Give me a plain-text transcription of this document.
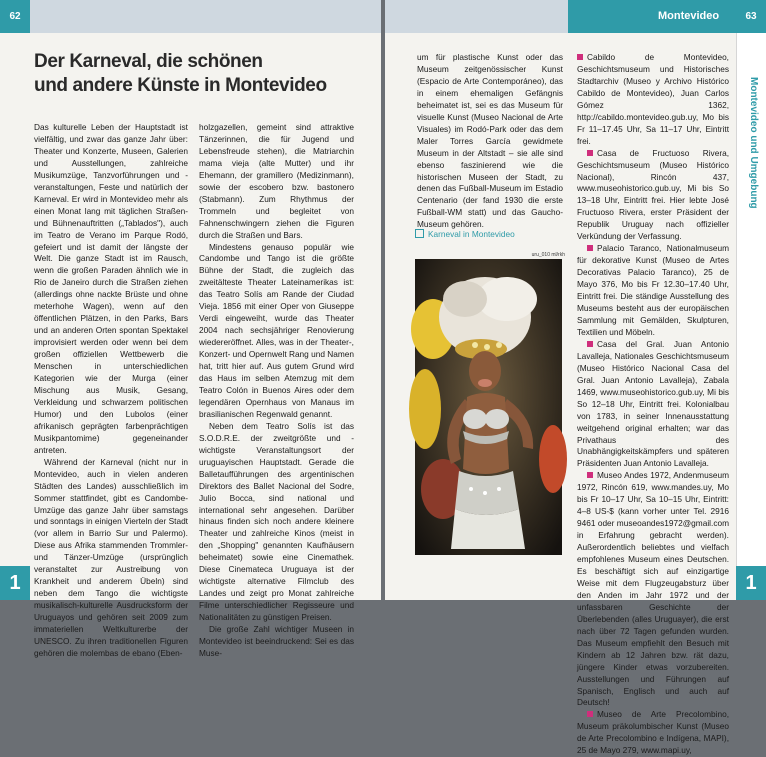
62
Der Karneval, die schönen
und andere Künste in Montevideo

Das kulturelle Leben der Hauptstadt ist vielfältig, und zwar das ganze Jahr über: Theater und Konzerte, Museen, Galerien und Ausstellungen, zahlreiche Musikumzüge, Tanzvorführungen und -veranstaltungen, Feste und natürlich der Karneval. Er wird in Montevideo mehr als einen Monat lang mit täglichen Straßen- und Bühnenauftritten („Tablados"), auch im Teatro de Verano im Parque Rodó, gefeiert und ist damit der längste der Welt. Die ganze Stadt ist im Rausch, wenn die großen Paraden ähnlich wie in Rio de Janeiro durch die Straßen ziehen (allerdings ohne nackte Brüste und ohne meterhohe Wagen), wenn auf den öffentlichen Plätzen, in den Parks, Bars und an anderen Orten spontan Spektakel improvisiert werden oder wenn bei dem großen offiziellen Wettbewerb die Menschen in unterschiedlichen Kategorien wie der Murga (einer Mischung aus Musik, Gesang, Verkleidung und schwarzem politischen Humor) und den Lubolos (einer afrikanisch geprägten farbenprächtigen Musikpantomime) gegeneinander antreten.

Während der Karneval (nicht nur in Montevideo, auch in vielen anderen Städten des Landes) ausschließlich im Sommer stattfindet, gibt es Candombe-Umzüge das ganze Jahr über samstags und sonntags in einigen Vierteln der Stadt (vor allem in Barrio Sur und Palermo). Diese aus Afrika stammenden Trommler- und Tänzer-Umzüge (ursprünglich veranstaltet zur Austreibung von Krankheit und anderem Übeln) sind neben dem Tango die wichtigste musikalisch-kulturelle Ausdrucksform der Uruguayos und gehören seit 2009 zum immateriellen Weltkulturerbe der UNESCO. Zu ihren traditionellen Figuren gehören die molembas de ebano (Eben-

holzgazellen, gemeint sind attraktive Tänzerinnen, die für Jugend und Lebensfreude stehen), die Matriarchin mama vieja (alte Mutter) und ihr Ehemann, der gramillero (Medizinmann), sowie der escobero bzw. bastonero (Stabmann). Zum Rhythmus der Trommeln und begleitet von Fahnenschwingern ziehen die Figuren durch die Straßen und Bars.

Mindestens genauso populär wie Candombe und Tango ist die größte Bühne der Stadt, die zugleich das zweitälteste Theater Lateinamerikas ist: das Teatro Solís am Rande der Ciudad Vieja. 1856 mit einer Oper von Giuseppe Verdi eingeweiht, wurde das Theater 2004 nach sechsjähriger Renovierung wiedereröffnet. Alles, was in der Theater-, Konzert- und Opernwelt Rang und Namen hat, tritt hier auf. Aus gutem Grund wird das Haus im selben Atemzug mit dem Teatro Colón in Buenos Aires oder dem legendären Opernhaus von Manaus im brasilianischen Regenwald genannt.

Neben dem Teatro Solís ist das S.O.D.R.E. der zweitgrößte und -wichtigste Veranstaltungsort der uruguayischen Hauptstadt. Gerade die Balletaufführungen des argentinischen Direktors des Ballet Nacional del Sodre, Julio Bocca, sind national und international sehr angesehen. Darüber hinaus finden sich noch andere kleinere Theater und zahlreiche Kinos (meist in den „Shopping" genannten Kaufhäusern beheimatet) sowie eine Cinemathek. Diese Cinemateca Uruguaya ist der wichtigste alternative Filmclub des Landes und zeigt pro Monat zahlreiche Filme unterschiedlicher Regisseure und Nationalitäten zu günstigen Preisen.

Die große Zahl wichtiger Museen in Montevideo ist beeindruckend: Sei es das Muse-

1
Montevideo	63
Montevideo und Umgebung

um für plastische Kunst oder das Museum zeitgenössischer Kunst (Espacio de Arte Contemporáneo), das in einem ehemaligen Gefängnis beheimatet ist, sei es das Museum für visuelle Kunst (Museo Nacional de Arte Visuales) im Rodó-Park oder das dem Maler Torres García gewidmete Museum in der Altstadt – sie alle sind ebenso faszinierend wie die historischen Museen der Stadt, zu denen das Fußball-Museum im Estadio Centenario (der fand 1930 die erste Fußball-WM statt) und das Gaucho-Museum gehören.

Karneval in Montevideo
uru_010 ml/rkh

Cabildo de Montevideo, Geschichtsmuseum und Historisches Stadtarchiv (Museo y Archivo Histórico Cabildo de Montevideo), Juan Carlos Gómez 1362, http://cabildo.montevideo.gub.uy, Mo bis Fr 11–17.45 Uhr, Sa 11–17 Uhr, Eintritt frei.

Casa de Fructuoso Rivera, Geschichtsmuseum (Museo Histórico Nacional), Rincón 437, www.museohistorico.gub.uy, Mi bis So 13–18 Uhr, Eintritt frei. Hier lebte José Fructuoso Rivera, erster Präsident der Republik Uruguay nach offizieller Verkündung der Verfassung.

Palacio Taranco, Nationalmuseum für dekorative Kunst (Museo de Artes Decorativas Palacio Taranco), 25 de Mayo 376, Mo bis Fr 12.30–17.40 Uhr, Eintritt frei. Die ständige Ausstellung des Museums besteht aus der europäischen Sammlung mit Gemälden, Skulpturen, Textilien und Möbeln.

Casa del Gral. Juan Antonio Lavalleja, Nationales Geschichtsmuseum (Museo Histórico Nacional Casa del Gral. Juan Antonio Lavalleja), Zabala 1469, www.museohistorico.gub.uy, Mi bis So 12–18 Uhr, Eintritt frei. Kolonialbau von 1783, in seiner Innenausstattung weitgehend original erhalten; war das Privathaus des Unabhängigkeitskämpfers und späteren Präsidenten Juan Antonio Lavalleja.

Museo Andes 1972, Andenmuseum 1972, Rincón 619, www.mandes.uy, Mo bis Fr 10–17 Uhr, Sa 10–15 Uhr, Eintritt: 4–8 US-$ (kann vorher unter Tel. 2916 9461 oder museoandes1972@gmail.com in Erfahrung gebracht werden). Außerordentlich beliebtes und vielfach empfohlenes Museum eines Deutschen. Es beschäftigt sich auf einzigartige Weise mit dem Flugzeugabsturz über den Anden im Jahr 1972 und der unfassbaren Geschichte der Überlebenden (alles Uruguayer), die erst nach über 72 Tagen gefunden wurden. Das Museum empfiehlt den Besuch mit Kindern ab 12 Jahren bzw. rät dazu, jüngere Kinder etwas vorzubereiten. Ausstellungen und Führungen auf Spanisch, Englisch und auch auf Deutsch!

Museo de Arte Precolombino, Museum präkolumbischer Kunst (Museo de Arte Precolombino e Indígena, MAPI), 25 de Mayo 279, www.mapi.uy,

1
